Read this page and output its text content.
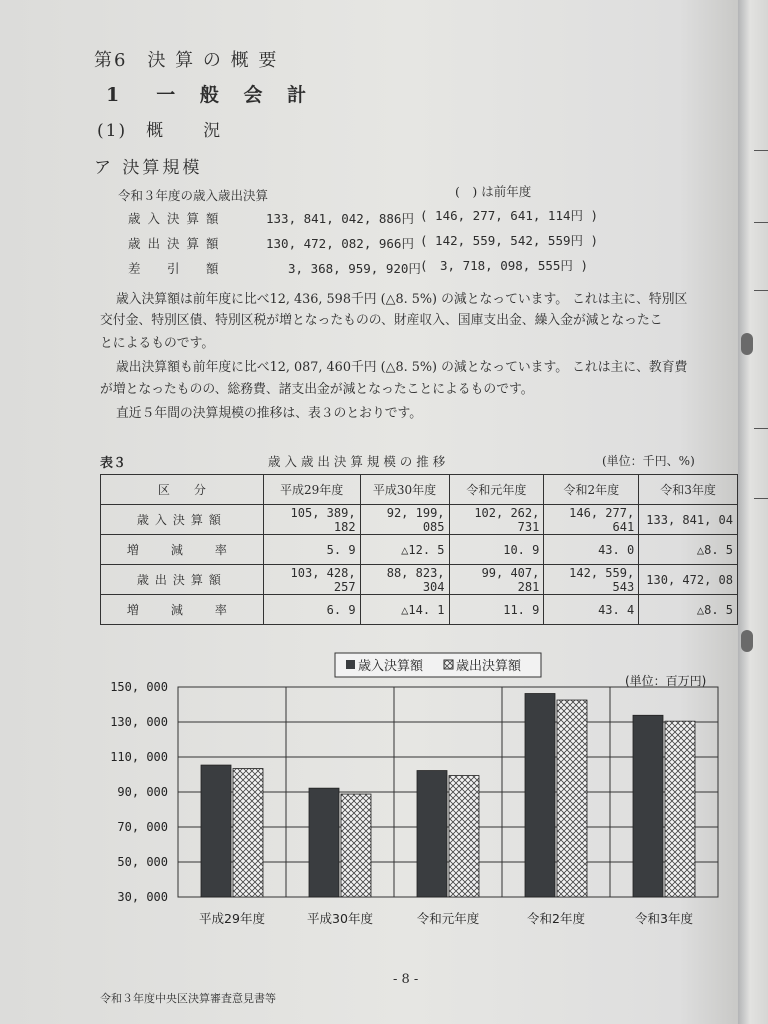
第6　決 算 の 概 要
1　一 般 会 計
(1)　概　　況
ア 決算規模
令和３年度の歳入歳出決算	(　) は前年度
歳入決算額	133, 841, 042, 886円 ( 146, 277, 641, 114円 )
歳出決算額	130, 472, 082, 966円 ( 142, 559, 542, 559円 )
差　引　額	3, 368, 959, 920円 (　3, 718, 098, 555円 )
歳入決算額は前年度に比べ12, 436, 598千円 (△8. 5%) の減となっています。 これは主に、特別区
交付金、特別区債、特別区税が増となったものの、財産収入、国庫支出金、繰入金が減となったこ
とによるものです。
歳出決算額も前年度に比べ12, 087, 460千円 (△8. 5%) の減となっています。 これは主に、教育費
が増となったものの、総務費、諸支出金が減となったことによるものです。
直近５年間の決算規模の推移は、表３のとおりです。
表３	歳 入 歳 出 決 算 規 模 の 推 移	(単位：千円、%)
区　　分	平成29年度	平成30年度	令和元年度	令和2年度	令和3年度
歳入決算額	105, 389, 182	92, 199, 085	102, 262, 731	146, 277, 641	133, 841, 04
増　減　率	5. 9	△12. 5	10. 9	43. 0	△8. 5
歳出決算額	103, 428, 257	88, 823, 304	99, 407, 281	142, 559, 543	130, 472, 08
増　減　率	6. 9	△14. 1	11. 9	43. 4	△8. 5
歳入決算額	歳出決算額
(単位：百万円)
150, 000
130, 000
110, 000
90, 000
70, 000
50, 000
30, 000
平成29年度	平成30年度	令和元年度	令和2年度	令和3年度
令和３年度中央区決算審査意見書等
- 8 -
